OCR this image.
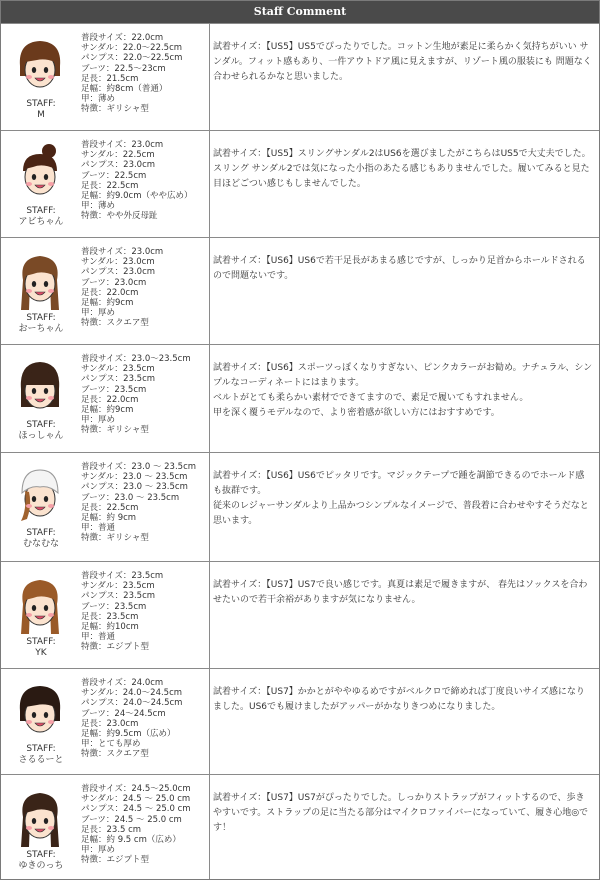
Staff Comment
STAFF:
M
普段サイズ：22.0cm
サンダル：22.0～22.5cm
パンプス：22.0～22.5cm
ブーツ：22.5～23cm
足長：21.5cm
足幅：約8cm（普通）
甲：薄め
特徴：ギリシャ型

試着サイズ：【US5】US5でぴったりでした。コットン生地が素足に柔らかく気持ちがいい サンダル。フィット感もあり、一件アウトドア風に見えますが、リゾート風の服装にも 問題なく合わせられるかなと思いました。

STAFF:
アビちゃん
普段サイズ：23.0cm
サンダル：22.5cm
パンプス：23.0cm
ブーツ：22.5cm
足長：22.5cm
足幅：約9.0cm（やや広め）
甲：薄め
特徴：やや外反母趾

試着サイズ：【US5】スリングサンダル2はUS6を選びましたがこちらはUS5で大丈夫でした。スリング サンダル2では気になった小指のあたる感じもありませんでした。履いてみると見た目ほどごつい感じもしませんでした。

STAFF:
おーちゃん
普段サイズ：23.0cm
サンダル：23.0cm
パンプス：23.0cm
ブーツ：23.0cm
足長：22.0cm
足幅：約9cm
甲：厚め
特徴：スクエア型

試着サイズ：【US6】US6で若干足長があまる感じですが、しっかり足首からホールドされるので問題ないです。

STAFF:
ほっしゃん
普段サイズ：23.0～23.5cm
サンダル：23.5cm
パンプス：23.5cm
ブーツ：23.5cm
足長：22.0cm
足幅：約9cm
甲：厚め
特徴：ギリシャ型

試着サイズ：【US6】スポーツっぽくなりすぎない、ピンクカラーがお勧め。ナチュラル、シンプルなコーディネートにはまります。

ベルトがとても柔らかい素材でできてますので、素足で履いてもすれません。

甲を深く覆うモデルなので、より密着感が欲しい方にはおすすめです。

STAFF:
むなむな
普段サイズ：23.0 ～ 23.5cm
サンダル：23.0 ～ 23.5cm
パンプス：23.0 ～ 23.5cm
ブーツ：23.0 ～ 23.5cm
足長：22.5cm
足幅：約 9cm
甲：普通
特徴：ギリシャ型

試着サイズ：【US6】US6でピッタリです。マジックテープで踵を調節できるのでホールド感も抜群です。

従来のレジャーサンダルより上品かつシンプルなイメージで、普段着に合わせやすそうだなと思います。

STAFF:
YK
普段サイズ：23.5cm
サンダル：23.5cm
パンプス：23.5cm
ブーツ：23.5cm
足長：23.5cm
足幅：約10cm
甲：普通
特徴：エジプト型

試着サイズ：【US7】US7で良い感じです。真夏は素足で履きますが、 春先はソックスを合わせたいので若干余裕がありますが気になりません。

STAFF:
さるるーと
普段サイズ：24.0cm
サンダル：24.0～24.5cm
パンプス：24.0～24.5cm
ブーツ：24～24.5cm
足長：23.0cm
足幅：約9.5cm（広め）
甲：とても厚め
特徴：スクエア型

試着サイズ：【US7】かかとがややゆるめですがベルクロで締めれば丁度良いサイズ感になりました。US6でも履けましたがアッパーがかなりきつめになりました。

STAFF:
ゆきのっち
普段サイズ：24.5～25.0cm
サンダル：24.5 ～ 25.0 cm
パンプス：24.5 ～ 25.0 cm
ブーツ：24.5 ～ 25.0 cm
足長：23.5 cm
足幅：約 9.5 cm（広め）
甲：厚め
特徴：エジプト型

試着サイズ：【US7】US7がぴったりでした。しっかりストラップがフィットするので、歩きやすいです。ストラップの足に当たる部分はマイクロファイバーになっていて、履き心地◎です！
